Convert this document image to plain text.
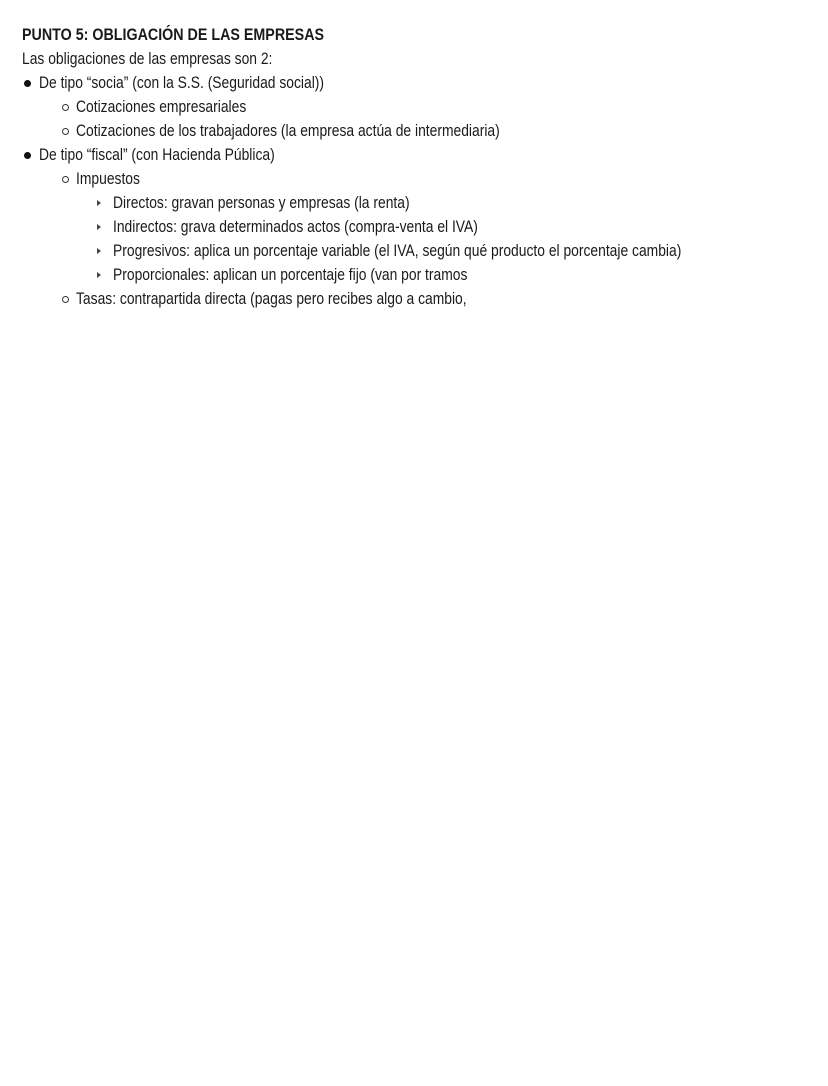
PUNTO 5: OBLIGACIÓN DE LAS EMPRESAS
Las obligaciones de las empresas son 2:
De tipo “socia” (con la S.S. (Seguridad social))
Cotizaciones empresariales
Cotizaciones de los trabajadores (la empresa actúa de intermediaria)
De tipo “fiscal” (con Hacienda Pública)
Impuestos
Directos: gravan personas y empresas (la renta)
Indirectos: grava determinados actos (compra-venta el IVA)
Progresivos: aplica un porcentaje variable (el IVA, según qué producto el porcentaje cambia)
Proporcionales: aplican un porcentaje fijo (van por tramos
Tasas: contrapartida directa (pagas pero recibes algo a cambio,
